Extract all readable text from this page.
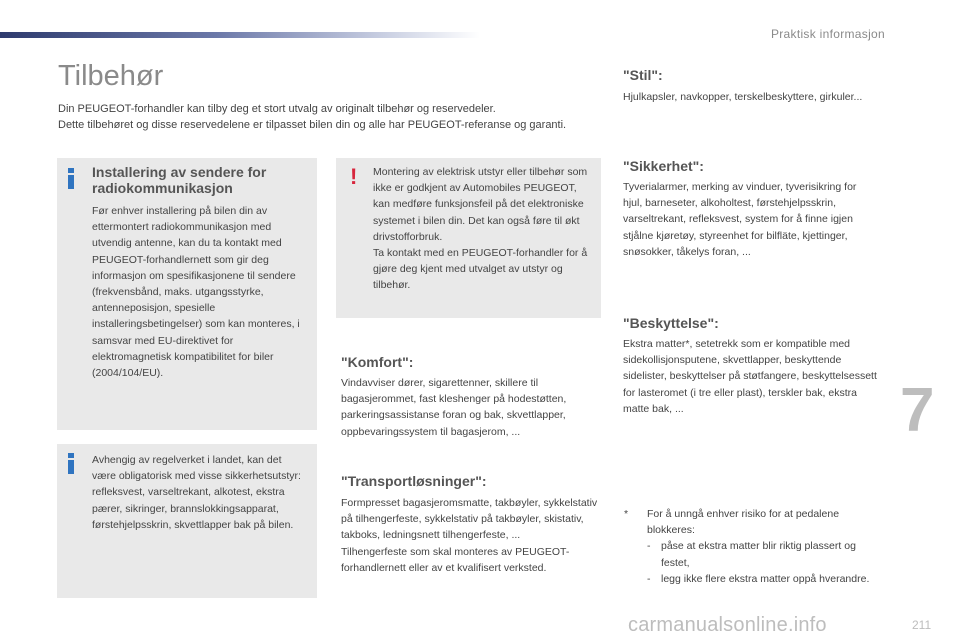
Praktisk informasjon
Tilbehør
Din PEUGEOT-forhandler kan tilby deg et stort utvalg av originalt tilbehør og reservedeler.
Dette tilbehøret og disse reservedelene er tilpasset bilen din og alle har PEUGEOT-referanse og garanti.
Installering av sendere for radiokommunikasjon
Før enhver installering på bilen din av ettermontert radiokommunikasjon med utvendig antenne, kan du ta kontakt med PEUGEOT-forhandlernett som gir deg informasjon om spesifikasjonene til sendere (frekvensbånd, maks. utgangsstyrke, antenneposisjon, spesielle installeringsbetingelser) som kan monteres, i samsvar med EU-direktivet for elektromagnetisk kompatibilitet for biler (2004/104/EU).
! Montering av elektrisk utstyr eller tilbehør som ikke er godkjent av Automobiles PEUGEOT, kan medføre funksjonsfeil på det elektroniske systemet i bilen din. Det kan også føre til økt drivstofforbruk.
Ta kontakt med en PEUGEOT-forhandler for å gjøre deg kjent med utvalget av utstyr og tilbehør.
Avhengig av regelverket i landet, kan det være obligatorisk med visse sikkerhetsutstyr: refleksvest, varseltrekant, alkotest, ekstra pærer, sikringer, brannslokkingsapparat, førstehjelpsskrin, skvettlapper bak på bilen.
"Komfort":
Vindavviser dører, sigarettenner, skillere til bagasjerommet, fast kleshenger på hodestøtten, parkeringsassistanse foran og bak, skvettlapper, oppbevaringssystem til bagasjerom, ...
"Transportløsninger":
Formpresset bagasjeromsmatte, takbøyler, sykkelstativ på tilhengerfeste, sykkelstativ på takbøyler, skistativ, takboks, ledningsnett tilhengerfeste, ...
Tilhengerfeste som skal monteres av PEUGEOT-forhandlernett eller av et kvalifisert verksted.
"Stil":
Hjulkapsler, navkopper, terskelbeskyttere, girkuler...
"Sikkerhet":
Tyverialarmer, merking av vinduer, tyverisikring for hjul, barneseter, alkoholtest, førstehjelpsskrin, varseltrekant, refleksvest, system for å finne igjen stjålne kjøretøy, styreenhet for bilfläte, kjettinger, snøsokker, tåkelys foran, ...
"Beskyttelse":
Ekstra matter*, setetrekk som er kompatible med sidekollisjonsputene, skvettlapper, beskyttende sidelister, beskyttelser på støtfangere, beskyttelsessett for lasteromet (i tre eller plast), terskler bak, ekstra matte bak, ...	7
* For å unngå enhver risiko for at pedalene blokkeres:
- påse at ekstra matter blir riktig plassert og festet,
- legg ikke flere ekstra matter oppå hverandre.
carmanualsonline.info	211
